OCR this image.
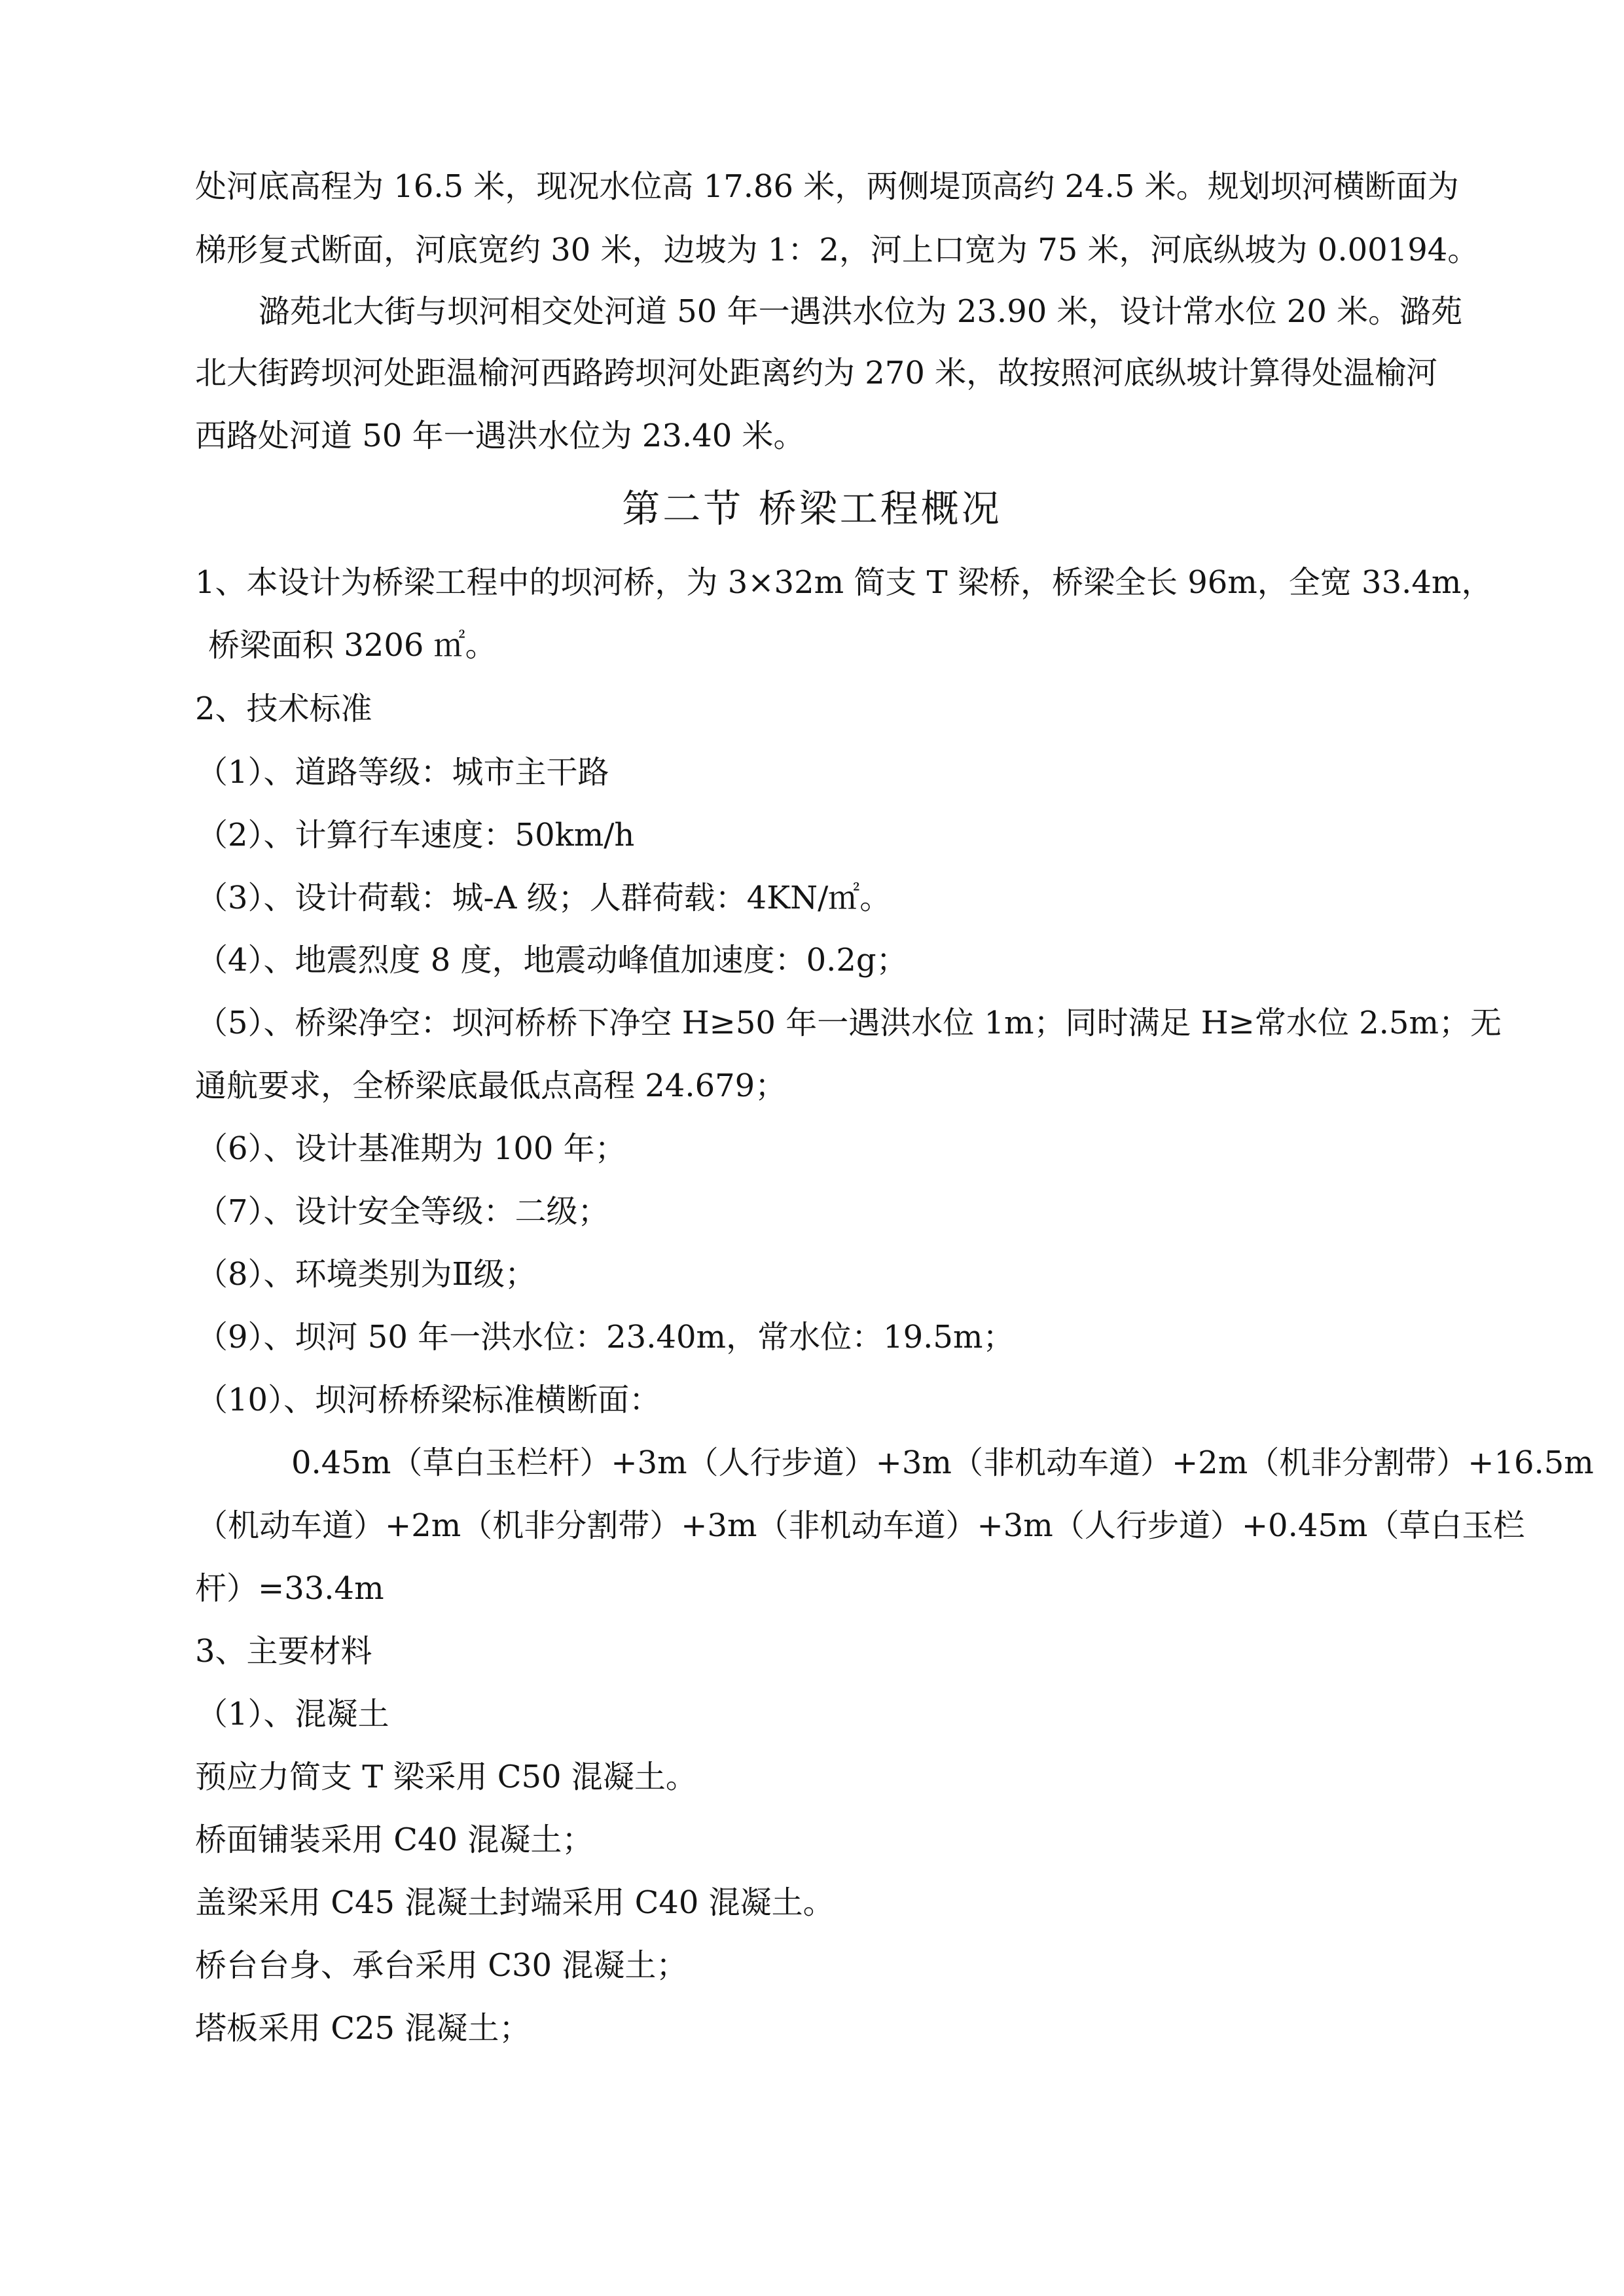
处河底高程为 16.5 米，现况水位高 17.86 米，两侧堤顶高约 24.5 米。规划坝河横断面为
梯形复式断面，河底宽约 30 米，边坡为 1：2，河上口宽为 75 米，河底纵坡为 0.00194。
潞苑北大街与坝河相交处河道 50 年一遇洪水位为 23.90 米，设计常水位 20 米。潞苑
北大街跨坝河处距温榆河西路跨坝河处距离约为 270 米，故按照河底纵坡计算得处温榆河
西路处河道 50 年一遇洪水位为 23.40 米。
第二节 桥梁工程概况
1、本设计为桥梁工程中的坝河桥，为 3×32m 简支 T 梁桥，桥梁全长 96m，全宽 33.4m，
桥梁面积 3206 ㎡。
2、技术标准
（1）、道路等级：城市主干路
（2）、计算行车速度：50km/h
（3）、设计荷载：城-A 级；人群荷载：4KN/㎡。
（4）、地震烈度 8 度，地震动峰值加速度：0.2g；
（5）、桥梁净空：坝河桥桥下净空 H≥50 年一遇洪水位 1m；同时满足 H≥常水位 2.5m；无
通航要求，全桥梁底最低点高程 24.679；
（6）、设计基准期为 100 年；
（7）、设计安全等级：二级；
（8）、环境类别为Ⅱ级；
（9）、坝河 50 年一洪水位：23.40m，常水位：19.5m；
（10）、坝河桥桥梁标准横断面：
0.45m（草白玉栏杆）+3m（人行步道）+3m（非机动车道）+2m（机非分割带）+16.5m
（机动车道）+2m（机非分割带）+3m（非机动车道）+3m（人行步道）+0.45m（草白玉栏
杆）=33.4m
3、主要材料
（1）、混凝土
预应力简支 T 梁采用 C50 混凝土。
桥面铺装采用 C40 混凝土；
盖梁采用 C45 混凝土封端采用 C40 混凝土。
桥台台身、承台采用 C30 混凝土；
塔板采用 C25 混凝土；
